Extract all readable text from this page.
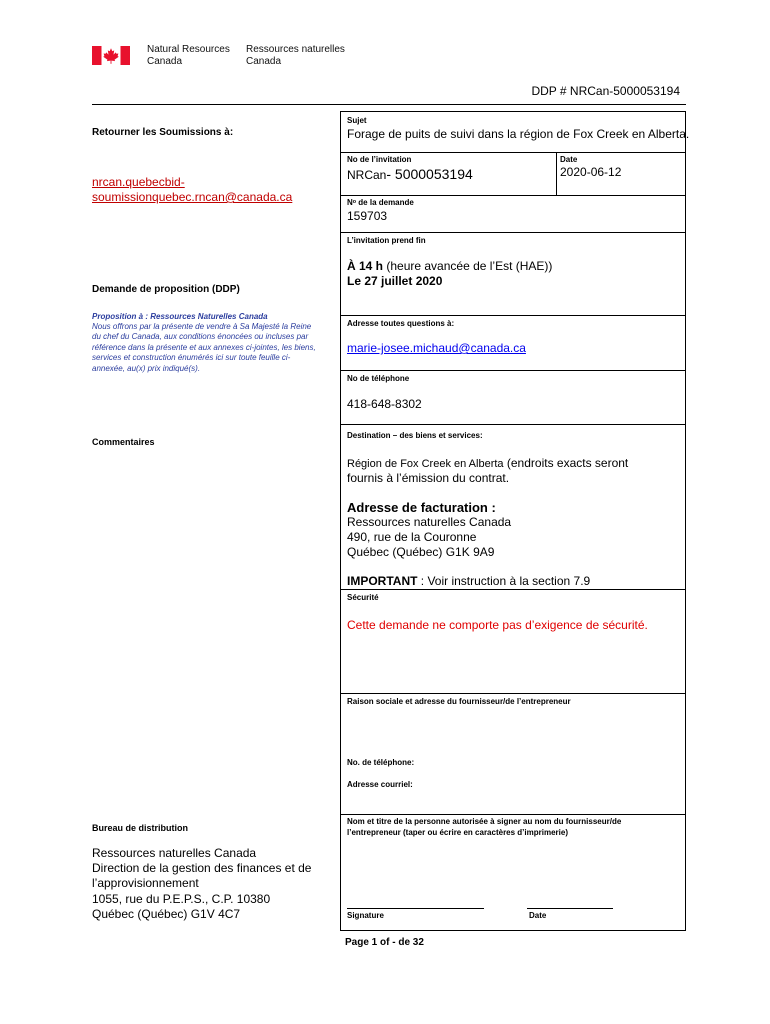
Natural Resources
Canada
Ressources naturelles
Canada
DDP # NRCan-5000053194
Retourner les Soumissions à:
nrcan.quebecbid-
soumissionquebec.rncan@canada.ca
Demande de proposition (DDP)
Proposition à : Ressources Naturelles Canada
Nous offrons par la présente de vendre à Sa Majesté la Reine du chef du Canada, aux conditions énoncées ou incluses par référence dans la présente et aux annexes ci-jointes, les biens, services et construction énumérés ici sur toute feuille ci-annexée, au(x) prix indiqué(s).
Commentaires
Bureau de distribution
Ressources naturelles Canada
Direction de la gestion des finances et de
l’approvisionnement
1055, rue du P.E.P.S., C.P. 10380
Québec (Québec) G1V 4C7
Sujet
Forage de puits de suivi dans la région de Fox Creek en Alberta.
No de l’invitation
NRCan- 5000053194
Date
2020-06-12
Nᵒ de la demande
159703
L’invitation prend fin
À 14 h (heure avancée de l’Est (HAE))
Le 27 juillet 2020
Adresse toutes questions à:
marie-josee.michaud@canada.ca
No de téléphone
418-648-8302
Destination – des biens et services:
Région de Fox Creek en Alberta (endroits exacts seront
fournis à l’émission du contrat.
Adresse de facturation :
Ressources naturelles Canada
490, rue de la Couronne
Québec (Québec) G1K 9A9
IMPORTANT : Voir instruction à la section 7.9
Sécurité
Cette demande ne comporte pas d’exigence de sécurité.
Raison sociale et adresse du fournisseur/de l’entrepreneur
No. de téléphone:
Adresse courriel:
Nom et titre de la personne autorisée à signer au nom du fournisseur/de
l’entrepreneur (taper ou écrire en caractères d’imprimerie)
Signature	Date
Page 1 of - de 32
